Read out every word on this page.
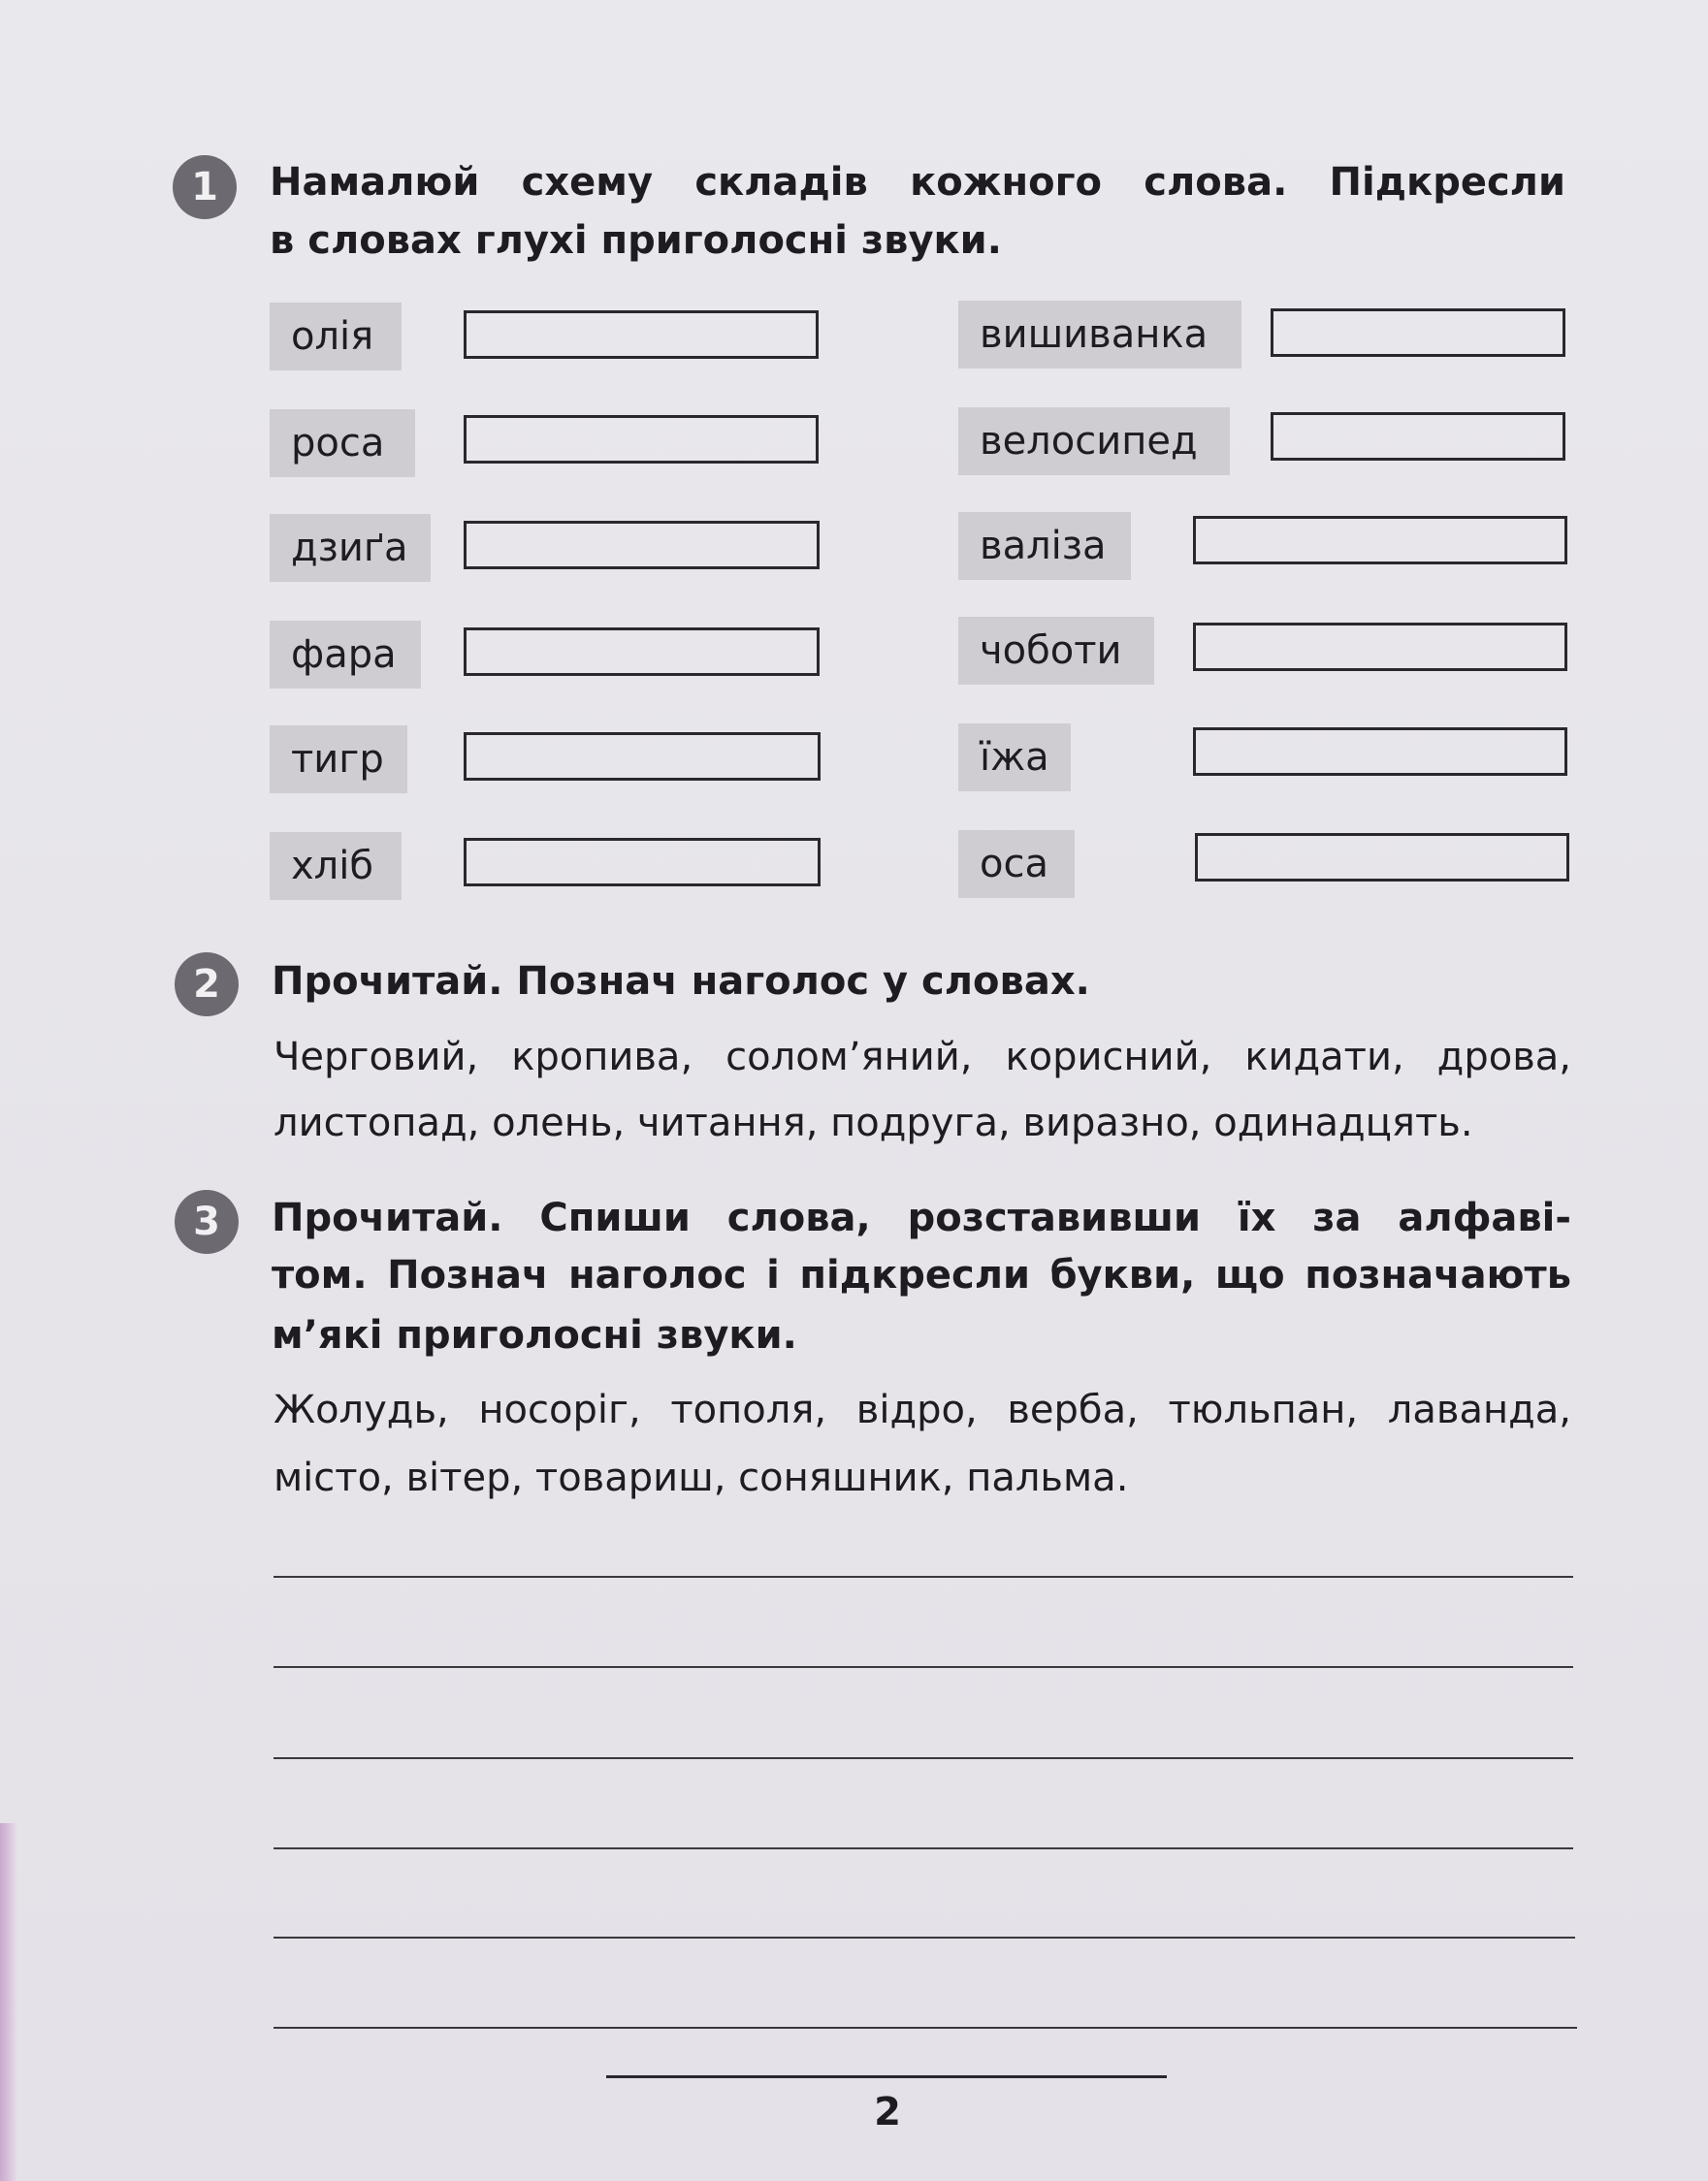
1	Намалюй схему складів кожного слова. Підкресли
в словах глухі приголосні звуки.
олія
роса
дзиґа
фара
тигр
хліб
вишиванка
велосипед
валіза
чоботи
їжа
оса
2	Прочитай. Познач наголос у словах.
Черговий, кропива, солом’яний, корисний, кидати, дрова,
листопад, олень, читання, подруга, виразно, одинадцять.
3	Прочитай. Спиши слова, розставивши їх за алфаві-
том. Познач наголос і підкресли букви, що позначають
м’які приголосні звуки.
Жолудь, носоріг, тополя, відро, верба, тюльпан, лаванда,
місто, вітер, товариш, соняшник, пальма.
2
